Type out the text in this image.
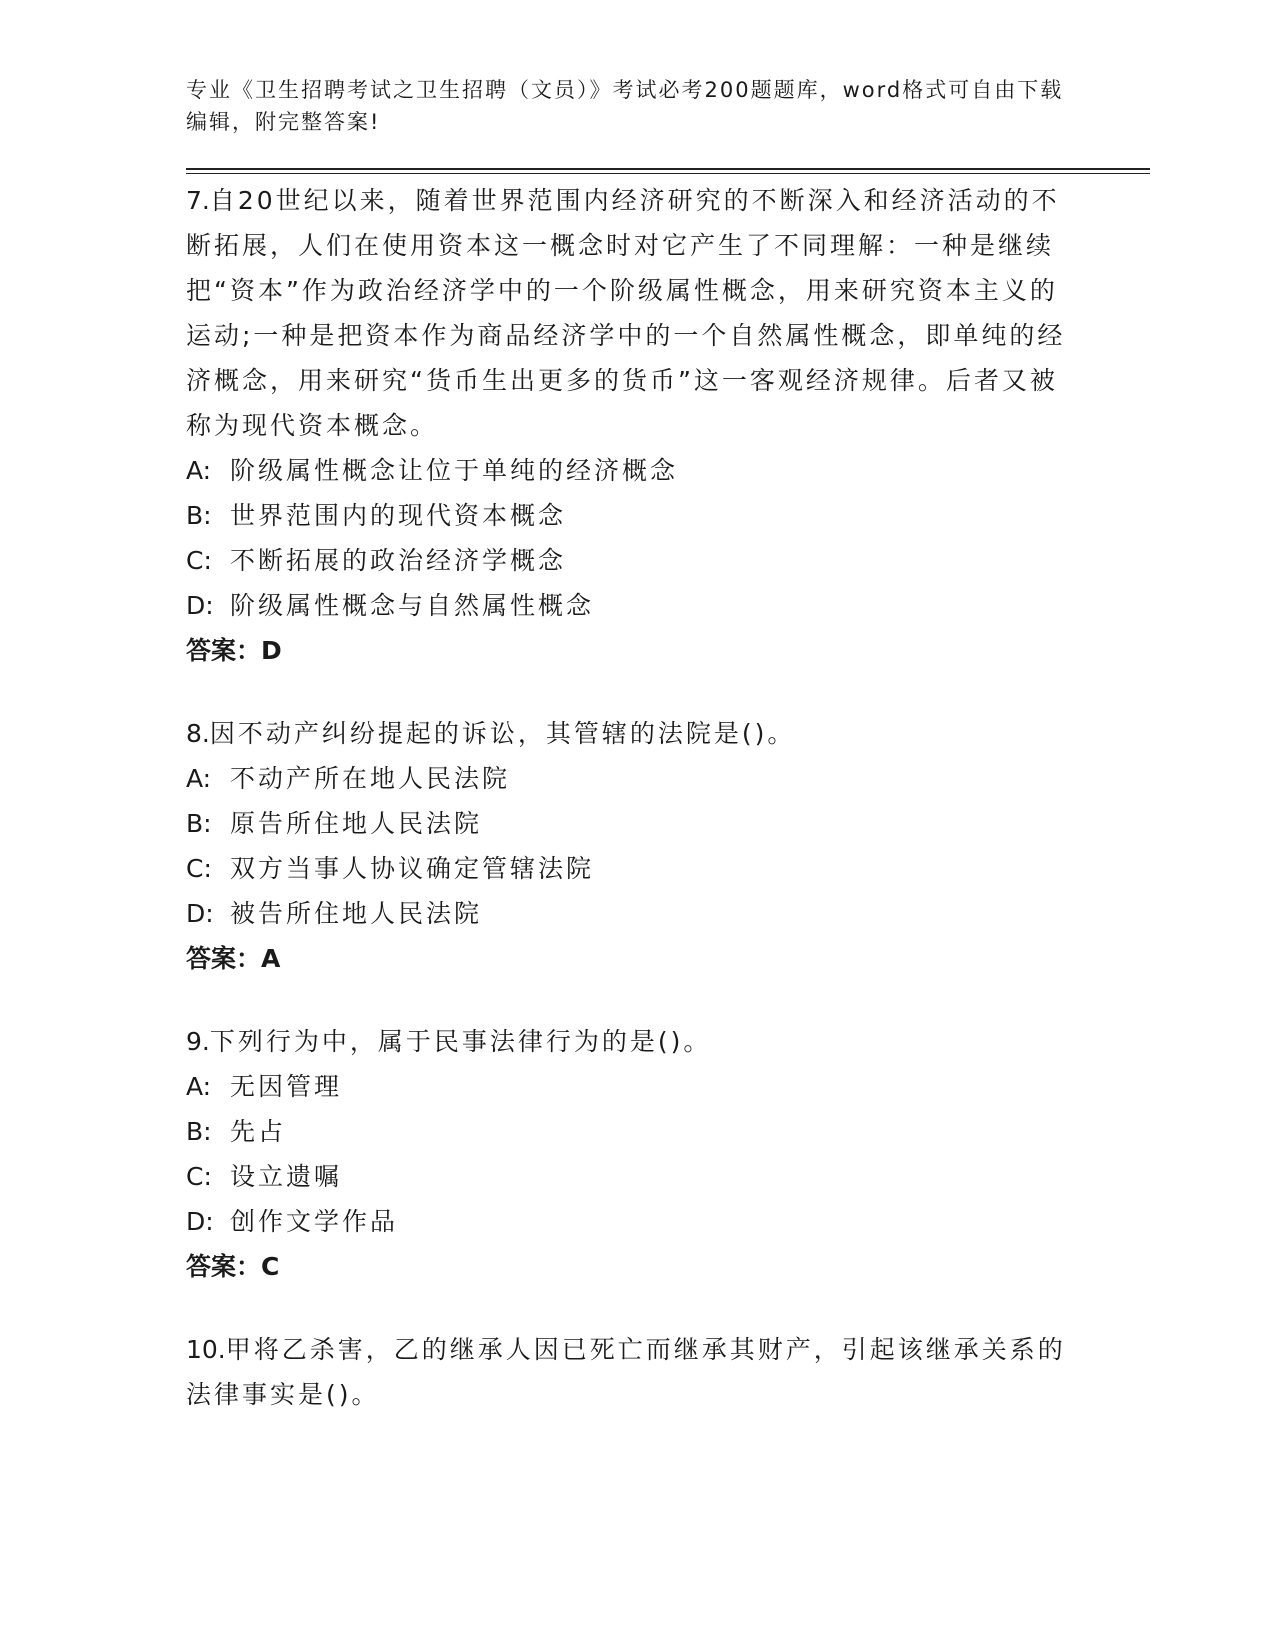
专业《卫生招聘考试之卫生招聘（文员）》考试必考200题题库，word格式可自由下载编辑，附完整答案!

7.自20世纪以来，随着世界范围内经济研究的不断深入和经济活动的不断拓展，人们在使用资本这一概念时对它产生了不同理解：一种是继续把“资本”作为政治经济学中的一个阶级属性概念，用来研究资本主义的运动;一种是把资本作为商品经济学中的一个自然属性概念，即单纯的经济概念，用来研究“货币生出更多的货币”这一客观经济规律。后者又被称为现代资本概念。

A: 阶级属性概念让位于单纯的经济概念
B: 世界范围内的现代资本概念
C: 不断拓展的政治经济学概念
D: 阶级属性概念与自然属性概念
答案：D

8.因不动产纠纷提起的诉讼，其管辖的法院是()。

A: 不动产所在地人民法院
B: 原告所住地人民法院
C: 双方当事人协议确定管辖法院
D: 被告所住地人民法院
答案：A

9.下列行为中，属于民事法律行为的是()。

A: 无因管理
B: 先占
C: 设立遗嘱
D: 创作文学作品
答案：C

10.甲将乙杀害，乙的继承人因已死亡而继承其财产，引起该继承关系的法律事实是()。
